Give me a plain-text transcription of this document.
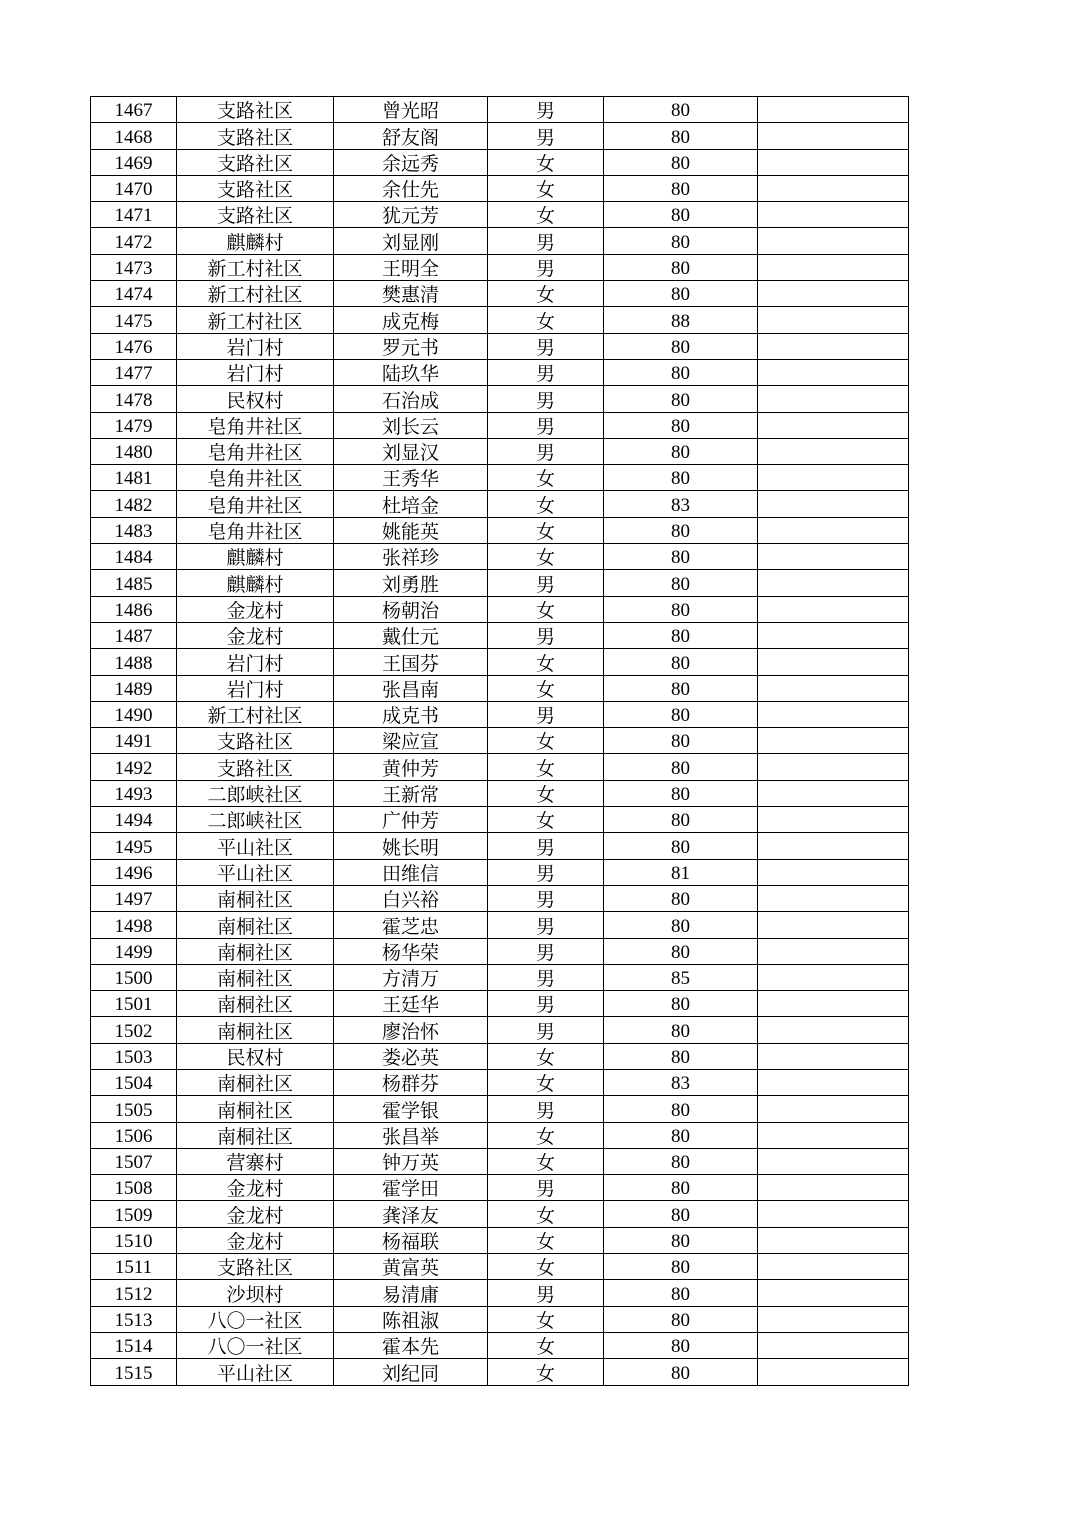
1467	支路社区	曾光昭	男	80	
1468	支路社区	舒友阁	男	80	
1469	支路社区	余远秀	女	80	
1470	支路社区	余仕先	女	80	
1471	支路社区	犹元芳	女	80	
1472	麒麟村	刘显刚	男	80	
1473	新工村社区	王明全	男	80	
1474	新工村社区	樊惠清	女	80	
1475	新工村社区	成克梅	女	88	
1476	岩门村	罗元书	男	80	
1477	岩门村	陆玖华	男	80	
1478	民权村	石治成	男	80	
1479	皂角井社区	刘长云	男	80	
1480	皂角井社区	刘显汉	男	80	
1481	皂角井社区	王秀华	女	80	
1482	皂角井社区	杜培金	女	83	
1483	皂角井社区	姚能英	女	80	
1484	麒麟村	张祥珍	女	80	
1485	麒麟村	刘勇胜	男	80	
1486	金龙村	杨朝治	女	80	
1487	金龙村	戴仕元	男	80	
1488	岩门村	王国芬	女	80	
1489	岩门村	张昌南	女	80	
1490	新工村社区	成克书	男	80	
1491	支路社区	梁应宣	女	80	
1492	支路社区	黄仲芳	女	80	
1493	二郎峡社区	王新常	女	80	
1494	二郎峡社区	广仲芳	女	80	
1495	平山社区	姚长明	男	80	
1496	平山社区	田维信	男	81	
1497	南桐社区	白兴裕	男	80	
1498	南桐社区	霍芝忠	男	80	
1499	南桐社区	杨华荣	男	80	
1500	南桐社区	方清万	男	85	
1501	南桐社区	王廷华	男	80	
1502	南桐社区	廖治怀	男	80	
1503	民权村	娄必英	女	80	
1504	南桐社区	杨群芬	女	83	
1505	南桐社区	霍学银	男	80	
1506	南桐社区	张昌举	女	80	
1507	营寨村	钟万英	女	80	
1508	金龙村	霍学田	男	80	
1509	金龙村	龚泽友	女	80	
1510	金龙村	杨福联	女	80	
1511	支路社区	黄富英	女	80	
1512	沙坝村	易清庸	男	80	
1513	八〇一社区	陈祖淑	女	80	
1514	八〇一社区	霍本先	女	80	
1515	平山社区	刘纪同	女	80	
